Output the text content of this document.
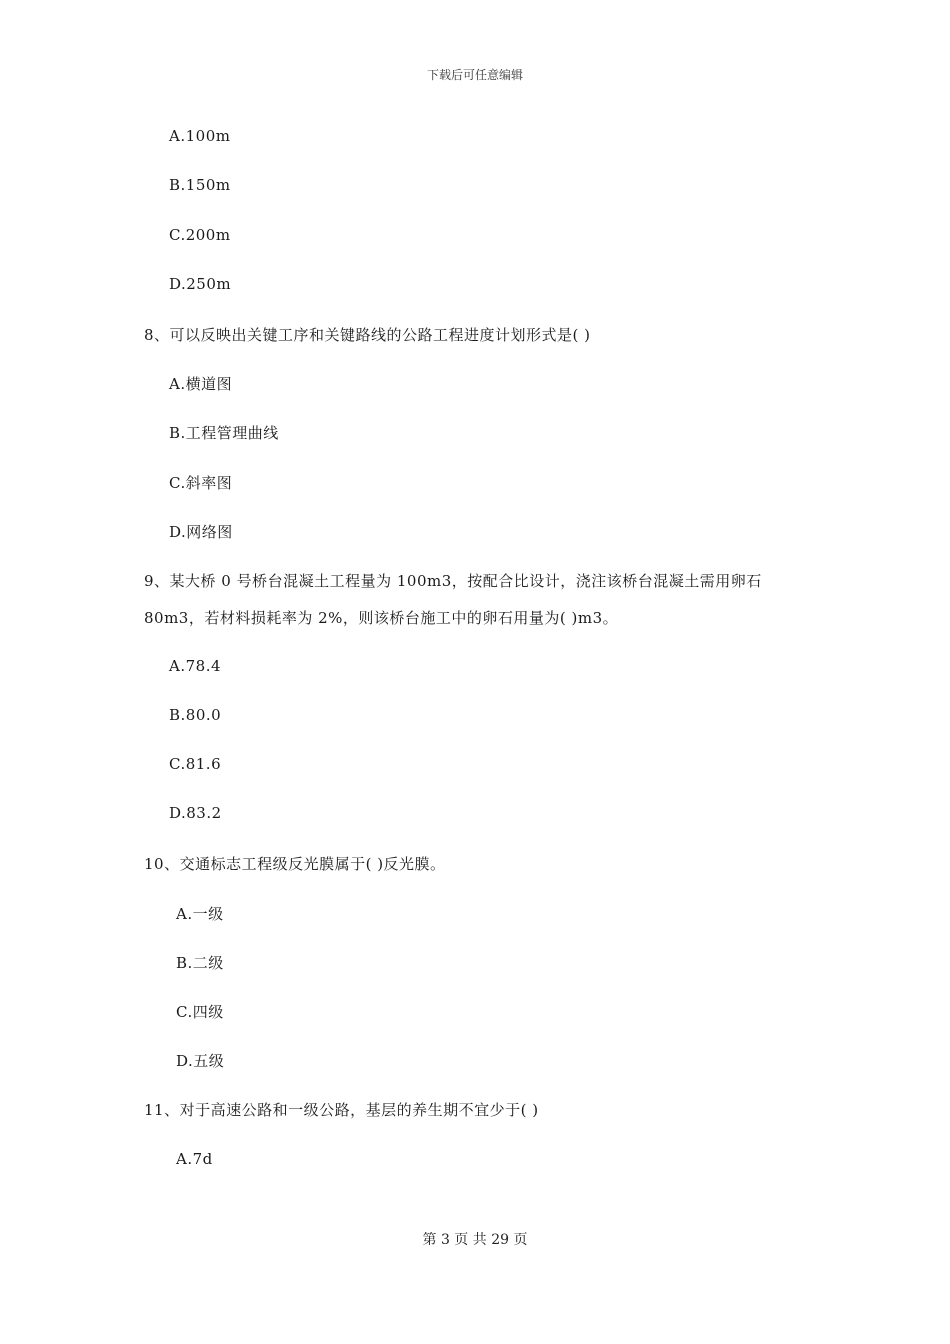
下载后可任意编辑
A.100m
B.150m
C.200m
D.250m
8、可以反映出关键工序和关键路线的公路工程进度计划形式是( )
A.横道图
B.工程管理曲线
C.斜率图
D.网络图
9、某大桥 0 号桥台混凝土工程量为 100m3，按配合比设计，浇注该桥台混凝土需用卵石
80m3，若材料损耗率为 2%，则该桥台施工中的卵石用量为( )m3。
A.78.4
B.80.0
C.81.6
D.83.2
10、交通标志工程级反光膜属于( )反光膜。
A.一级
B.二级
C.四级
D.五级
11、对于高速公路和一级公路，基层的养生期不宜少于( )
A.7d
第 3 页 共 29 页
